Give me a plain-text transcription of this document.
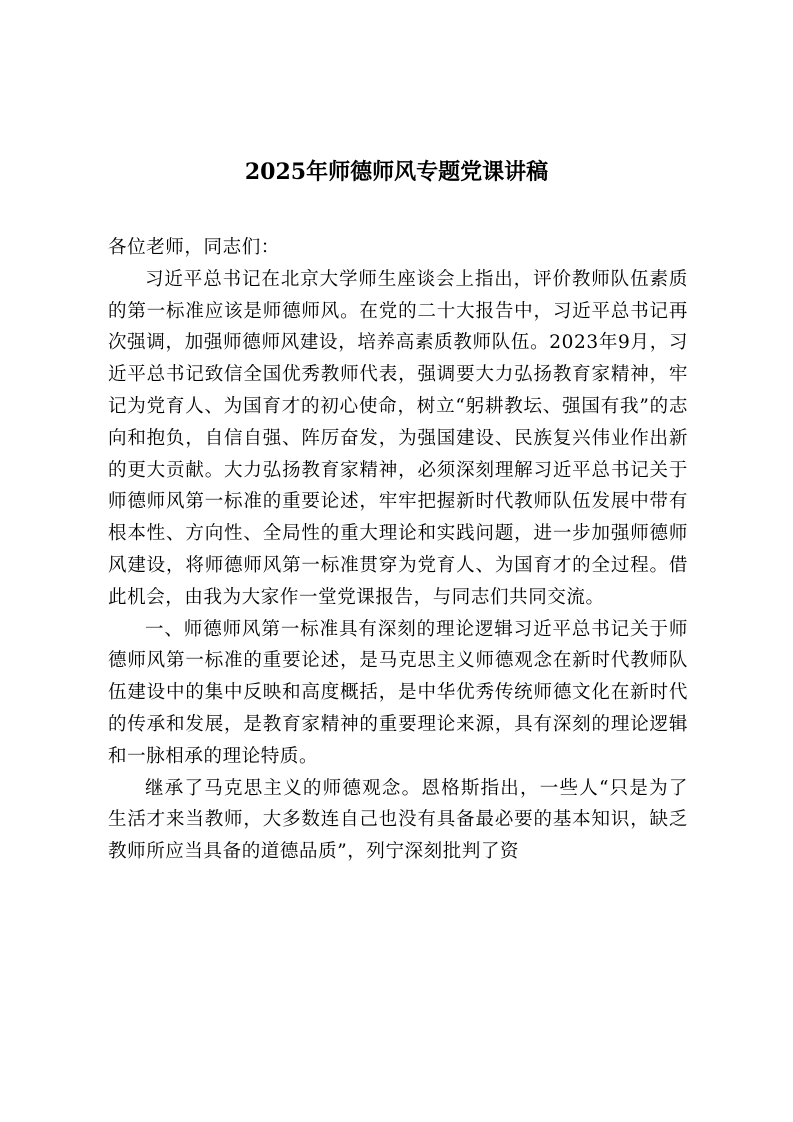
2025年师德师风专题党课讲稿

各位老师，同志们：

习近平总书记在北京大学师生座谈会上指出，评价教师队伍素质的第一标准应该是师德师风。在党的二十大报告中，习近平总书记再次强调，加强师德师风建设，培养高素质教师队伍。2023年9月，习近平总书记致信全国优秀教师代表，强调要大力弘扬教育家精神，牢记为党育人、为国育才的初心使命，树立“躬耕教坛、强国有我”的志向和抱负，自信自强、阵厉奋发，为强国建设、民族复兴伟业作出新的更大贡献。大力弘扬教育家精神，必须深刻理解习近平总书记关于师德师风第一标准的重要论述，牢牢把握新时代教师队伍发展中带有根本性、方向性、全局性的重大理论和实践问题，进一步加强师德师风建设，将师德师风第一标准贯穿为党育人、为国育才的全过程。借此机会，由我为大家作一堂党课报告，与同志们共同交流。

一、师德师风第一标准具有深刻的理论逻辑习近平总书记关于师德师风第一标准的重要论述，是马克思主义师德观念在新时代教师队伍建设中的集中反映和高度概括，是中华优秀传统师德文化在新时代的传承和发展，是教育家精神的重要理论来源，具有深刻的理论逻辑和一脉相承的理论特质。

继承了马克思主义的师德观念。恩格斯指出，一些人“只是为了生活才来当教师，大多数连自己也没有具备最必要的基本知识，缺乏教师所应当具备的道德品质”，列宁深刻批判了资
